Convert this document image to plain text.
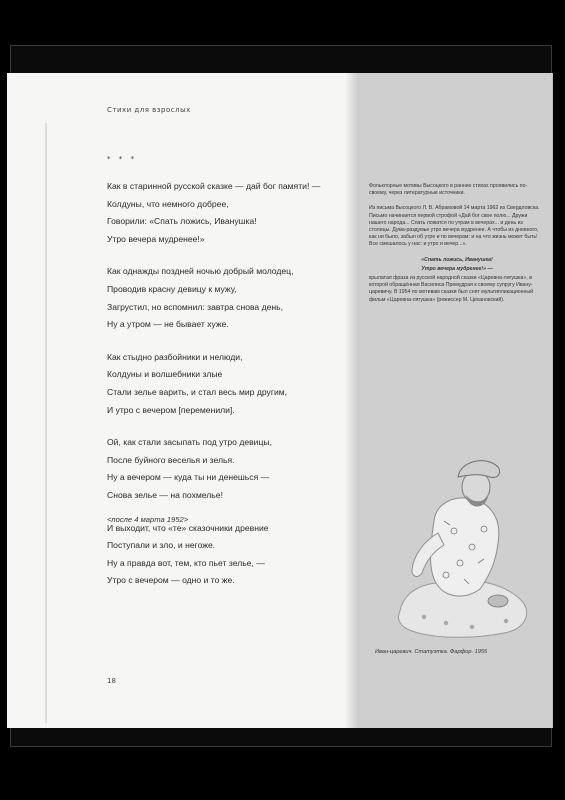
Стихи для взрослых
* * *
Как в старинной русской сказке — дай бог памяти! —
Колдуны, что немного добрее,
Говорили: «Спать ложись, Иванушка!
Утро вечера мудренее!»
Как однажды поздней ночью добрый молодец,
Проводив красну девицу к мужу,
Загрустил, но вспомнил: завтра снова день,
Ну а утром — не бывает хуже.
Как стыдно разбойники и нелюди,
Колдуны и волшебники злые
Стали зелье варить, и стал весь мир другим,
И утро с вечером [переменили].
Ой, как стали засыпать под утро девицы,
После буйного веселья и зелья.
Ну а вечером — куда ты ни денешься —
Снова зелье — на похмелье!
И выходит, что «те» сказочники древние
Поступали и зло, и негоже.
Ну а правда вот, тем, кто пьет зелье, —
Утро с вечером — одно и то же.
<после 4 марта 1952>
18

Фольклорные мотивы Высоцкого в ранних стихах проявились по-своему, через литературные источники.

Из письма Высоцкого Л. В. Абрамовой 14 марта 1962 из Свердловска. Письмо начинается первой строфой «Дай бог свое полю... Дружи нашего народа... Спать ложатся по утрам в вечерах... и день из столицы. Дума-раздумье утро вечера мудренее. А чтобы из дневного, как ни было, забыл об утре и по вечерам: и на что жизнь может быть! Все смешалось у нас: и утро и вечер...».

«Спать ложись, Иванушка!
Утро вечера мудренее!» —

крылатая фраза из русской народной сказки «Царевна-лягушка», в которой обращённая Василиса Премудрая к своему супругу Ивану-царевичу. В 1954 по мотивам сказки был снят мультипликационный фильм «Царевна-лягушка» (режиссер М. Цехановский).

Иван-царевич. Статуэтка. Фарфор. 1955
